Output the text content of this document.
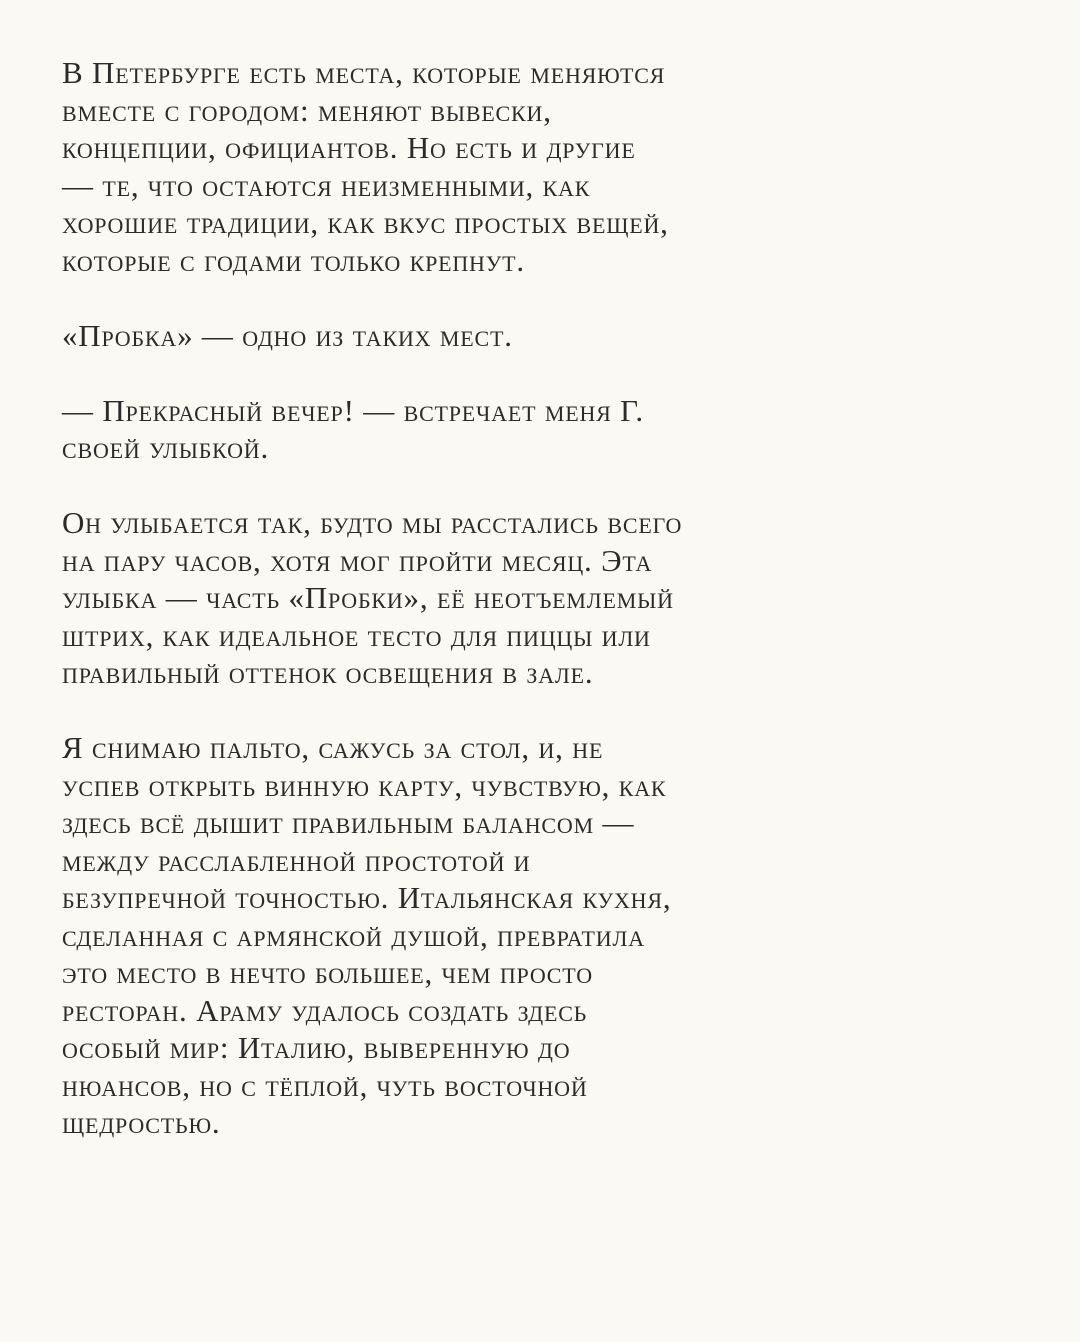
В Петербурге есть места, которые меняются
вместе с городом: меняют вывески,
концепции, официантов. Но есть и другие
— те, что остаются неизменными, как
хорошие традиции, как вкус простых вещей,
которые с годами только крепнут.
«Пробка» — одно из таких мест.
— Прекрасный вечер! — встречает меня Г.
своей улыбкой.
Он улыбается так, будто мы расстались всего
на пару часов, хотя мог пройти месяц. Эта
улыбка — часть «Пробки», её неотъемлемый
штрих, как идеальное тесто для пиццы или
правильный оттенок освещения в зале.
Я снимаю пальто, сажусь за стол, и, не
успев открыть винную карту, чувствую, как
здесь всё дышит правильным балансом —
между расслабленной простотой и
безупречной точностью. Итальянская кухня,
сделанная с армянской душой, превратила
это место в нечто большее, чем просто
ресторан. Араму удалось создать здесь
особый мир: Италию, выверенную до
нюансов, но с тёплой, чуть восточной
щедростью.
